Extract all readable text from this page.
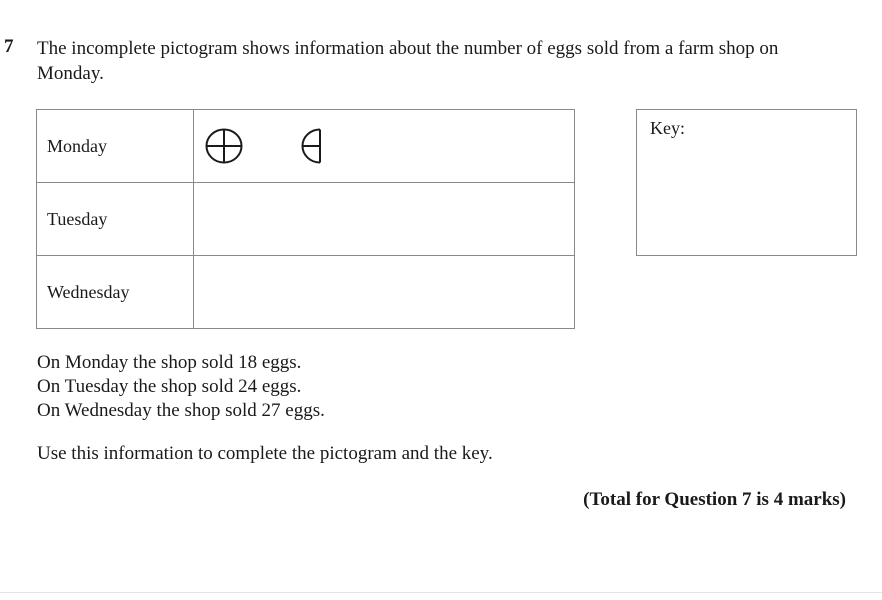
7 The incomplete pictogram shows information about the number of eggs sold from a farm shop on Monday.
Monday	

Tuesday	
Wednesday	
Key:
On Monday the shop sold 18 eggs.
On Tuesday the shop sold 24 eggs.
On Wednesday the shop sold 27 eggs.
Use this information to complete the pictogram and the key.
(Total for Question 7 is 4 marks)
